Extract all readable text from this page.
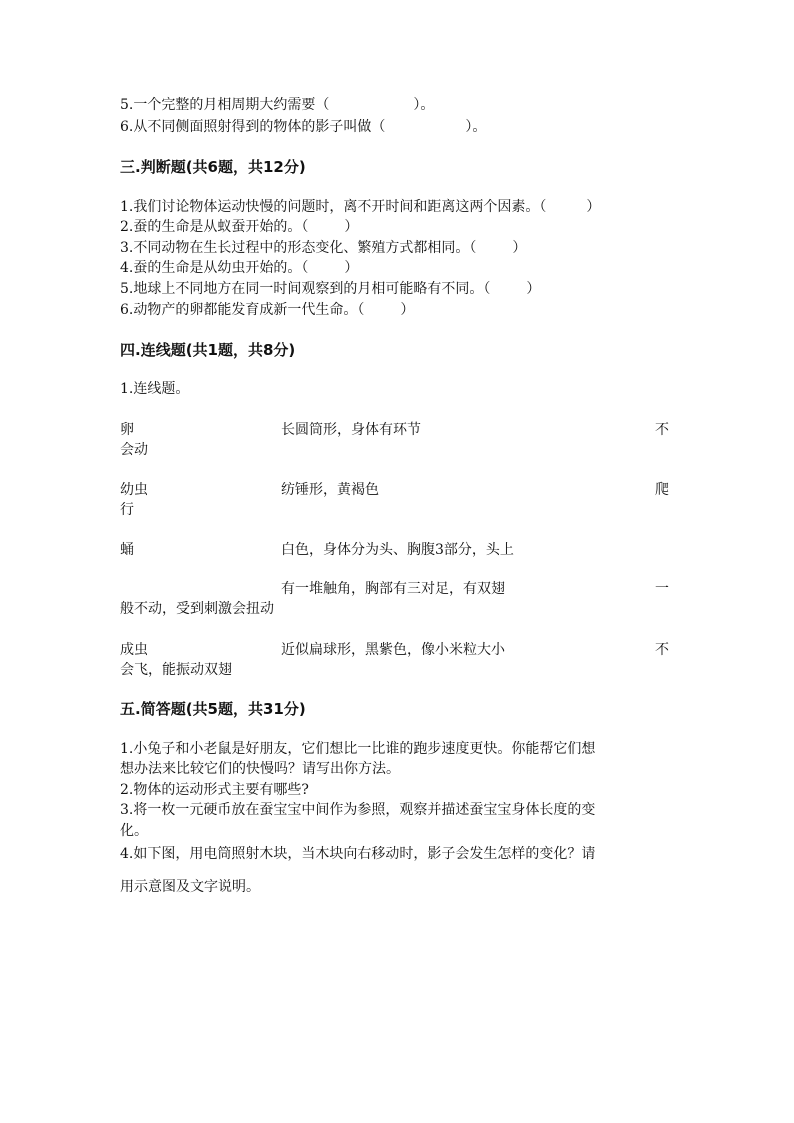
5.一个完整的月相周期大约需要（	）。
6.从不同侧面照射得到的物体的影子叫做（	）。
三.判断题(共6题，共12分)
1.我们讨论物体运动快慢的问题时，离不开时间和距离这两个因素。（	）
2.蚕的生命是从蚁蚕开始的。（	）
3.不同动物在生长过程中的形态变化、繁殖方式都相同。（	）
4.蚕的生命是从幼虫开始的。（	）
5.地球上不同地方在同一时间观察到的月相可能略有不同。（	）
6.动物产的卵都能发育成新一代生命。（	）
四.连线题(共1题，共8分)
1.连线题。
卵	长圆筒形，身体有环节	不
会动
幼虫	纺锤形，黄褐色	爬
行
蛹	白色，身体分为头、胸腹3部分，头上
有一堆触角，胸部有三对足，有双翅	一
般不动，受到刺激会扭动
成虫	近似扁球形，黑紫色，像小米粒大小	不
会飞，能振动双翅
五.简答题(共5题，共31分)
1.小兔子和小老鼠是好朋友，它们想比一比谁的跑步速度更快。你能帮它们想
想办法来比较它们的快慢吗？请写出你方法。
2.物体的运动形式主要有哪些?
3.将一枚一元硬币放在蚕宝宝中间作为参照，观察并描述蚕宝宝身体长度的变
化。
4.如下图，用电筒照射木块，当木块向右移动时，影子会发生怎样的变化？请
用示意图及文字说明。
